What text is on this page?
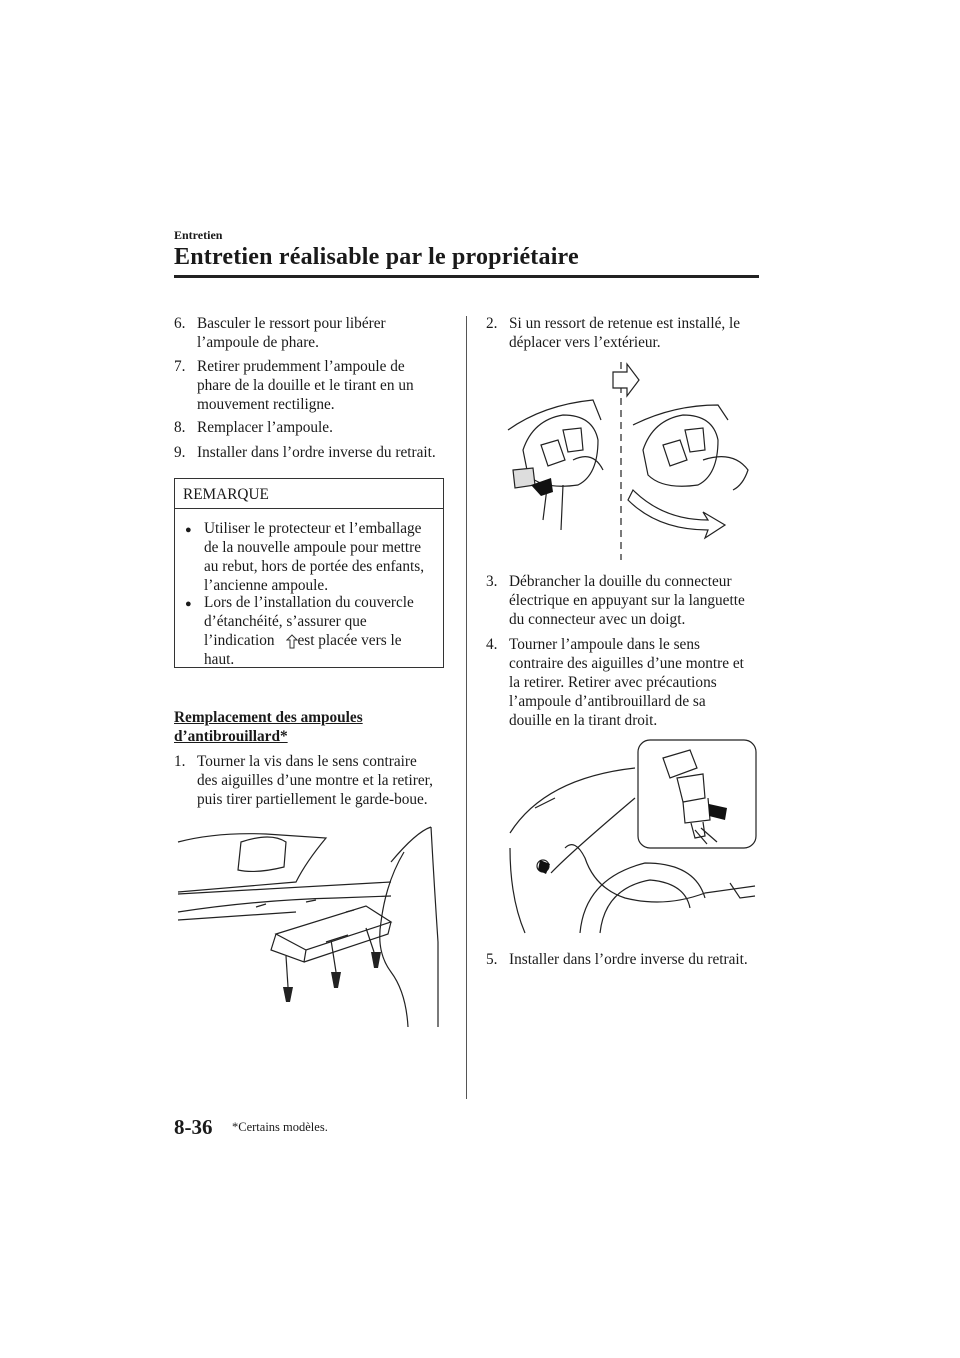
Entretien
Entretien réalisable par le propriétaire
6. Basculer le ressort pour libérer
l’ampoule de phare.
7. Retirer prudemment l’ampoule de
phare de la douille et le tirant en un
mouvement rectiligne.
8. Remplacer l’ampoule.
9. Installer dans l’ordre inverse du retrait.
REMARQUE
● Utiliser le protecteur et l’emballage
de la nouvelle ampoule pour mettre
au rebut, hors de portée des enfants,
l’ancienne ampoule.
● Lors de l’installation du couvercle
d’étanchéité, s’assurer que
l’indication      est placée vers le
haut.
Remplacement des ampoules
d’antibrouillard*
1. Tourner la vis dans le sens contraire
des aiguilles d’une montre et la retirer,
puis tirer partiellement le garde-boue.
2. Si un ressort de retenue est installé, le
déplacer vers l’extérieur.
3. Débrancher la douille du connecteur
électrique en appuyant sur la languette
du connecteur avec un doigt.
4. Tourner l’ampoule dans le sens
contraire des aiguilles d’une montre et
la retirer. Retirer avec précautions
l’ampoule d’antibrouillard de sa
douille en la tirant droit.
5. Installer dans l’ordre inverse du retrait.
8-36 *Certains modèles.
